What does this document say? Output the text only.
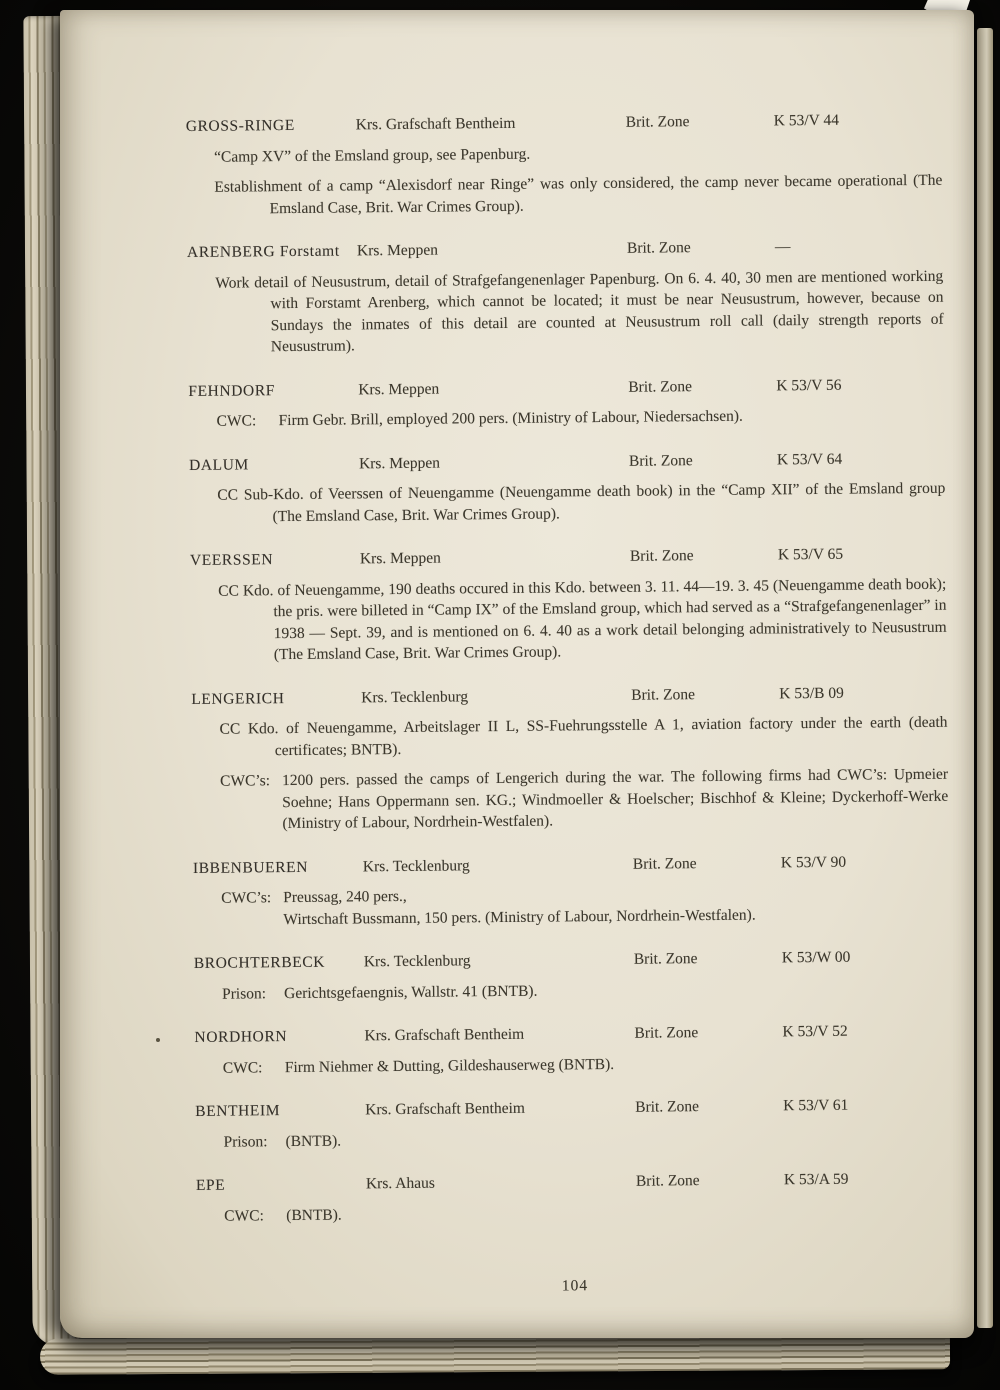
GROSS-RINGE	Krs. Grafschaft Bentheim	Brit. Zone	K 53/V 44
“Camp XV” of the Emsland group, see Papenburg.
Establishment of a camp “Alexisdorf near Ringe” was only considered, the camp never became operational (The Emsland Case, Brit. War Crimes Group).
ARENBERG Forstamt	Krs. Meppen	Brit. Zone	—
Work detail of Neusustrum, detail of Strafgefangenenlager Papenburg. On 6. 4. 40, 30 men are mentioned working with Forstamt Arenberg, which cannot be located; it must be near Neusustrum, however, because on Sundays the inmates of this detail are counted at Neusustrum roll call (daily strength reports of Neusustrum).
FEHNDORF	Krs. Meppen	Brit. Zone	K 53/V 56
CWC: Firm Gebr. Brill, employed 200 pers. (Ministry of Labour, Niedersachsen).
DALUM	Krs. Meppen	Brit. Zone	K 53/V 64
CC Sub-Kdo. of Veerssen of Neuengamme (Neuengamme death book) in the “Camp XII” of the Emsland group (The Emsland Case, Brit. War Crimes Group).
VEERSSEN	Krs. Meppen	Brit. Zone	K 53/V 65
CC Kdo. of Neuengamme, 190 deaths occured in this Kdo. between 3. 11. 44—19. 3. 45 (Neuengamme death book); the pris. were billeted in “Camp IX” of the Emsland group, which had served as a “Strafgefangenenlager” in 1938 — Sept. 39, and is mentioned on 6. 4. 40 as a work detail belonging administratively to Neusustrum (The Emsland Case, Brit. War Crimes Group).
LENGERICH	Krs. Tecklenburg	Brit. Zone	K 53/B 09
CC Kdo. of Neuengamme, Arbeitslager II L, SS-Fuehrungsstelle A 1, aviation factory under the earth (death certificates; BNTB).
CWC’s: 1200 pers. passed the camps of Lengerich during the war. The following firms had CWC’s: Upmeier Soehne; Hans Oppermann sen. KG.; Windmoeller & Hoelscher; Bischhof & Kleine; Dyckerhoff-Werke (Ministry of Labour, Nordrhein-Westfalen).
IBBENBUEREN	Krs. Tecklenburg	Brit. Zone	K 53/V 90
CWC’s: Preussag, 240 pers.,
Wirtschaft Bussmann, 150 pers. (Ministry of Labour, Nordrhein-Westfalen).
BROCHTERBECK	Krs. Tecklenburg	Brit. Zone	K 53/W 00
Prison: Gerichtsgefaengnis, Wallstr. 41 (BNTB).
NORDHORN	Krs. Grafschaft Bentheim	Brit. Zone	K 53/V 52
CWC: Firm Niehmer & Dutting, Gildeshauserweg (BNTB).
BENTHEIM	Krs. Grafschaft Bentheim	Brit. Zone	K 53/V 61
Prison: (BNTB).
EPE	Krs. Ahaus	Brit. Zone	K 53/A 59
CWC: (BNTB).
104
